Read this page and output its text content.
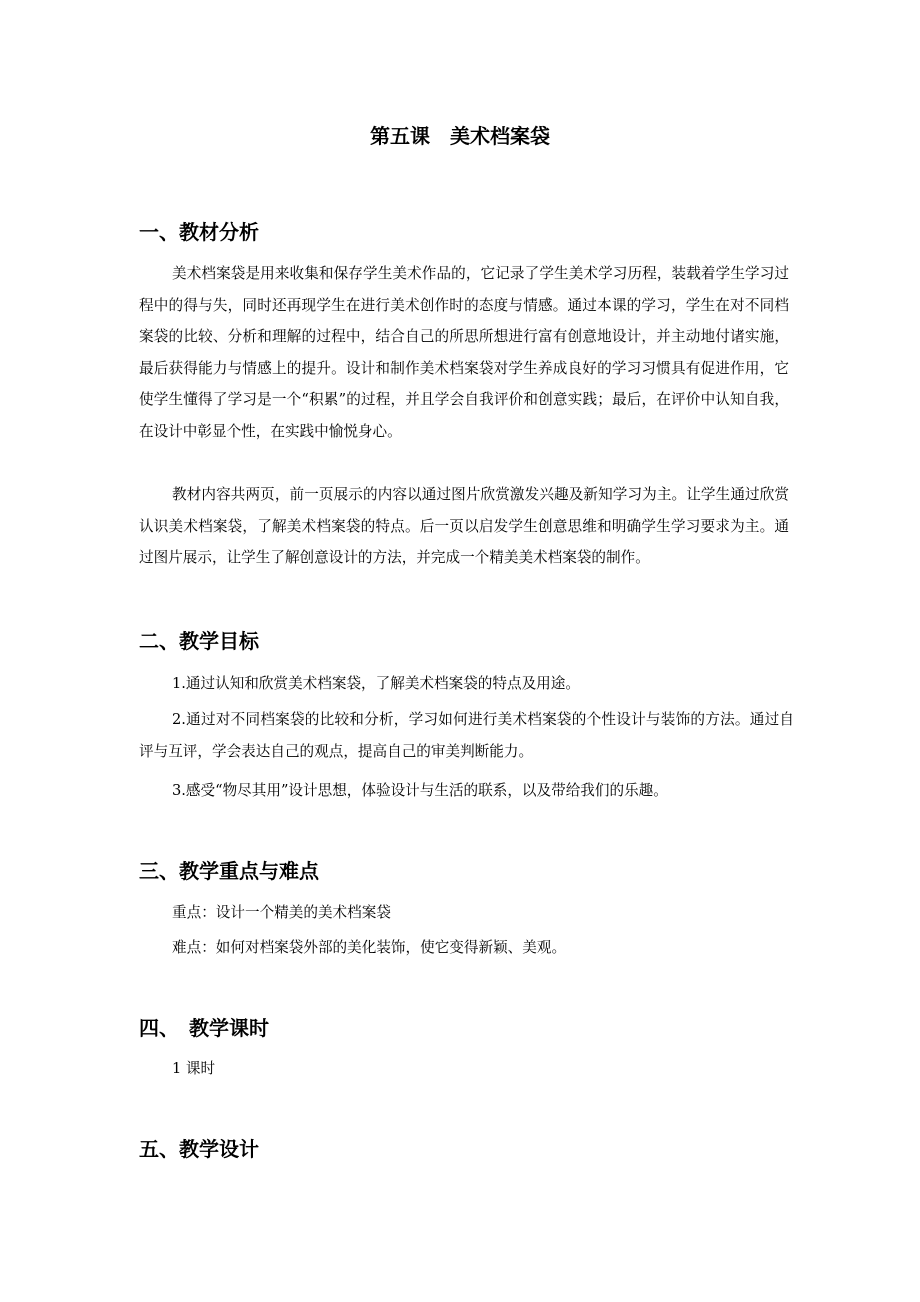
第五课　美术档案袋
一、教材分析

美术档案袋是用来收集和保存学生美术作品的，它记录了学生美术学习历程，装载着学生学习过程中的得与失，同时还再现学生在进行美术创作时的态度与情感。通过本课的学习，学生在对不同档案袋的比较、分析和理解的过程中，结合自己的所思所想进行富有创意地设计，并主动地付诸实施，最后获得能力与情感上的提升。设计和制作美术档案袋对学生养成良好的学习习惯具有促进作用，它使学生懂得了学习是一个“积累”的过程，并且学会自我评价和创意实践；最后，在评价中认知自我，在设计中彰显个性，在实践中愉悦身心。

教材内容共两页，前一页展示的内容以通过图片欣赏激发兴趣及新知学习为主。让学生通过欣赏认识美术档案袋，了解美术档案袋的特点。后一页以启发学生创意思维和明确学生学习要求为主。通过图片展示，让学生了解创意设计的方法，并完成一个精美美术档案袋的制作。

二、教学目标

1.通过认知和欣赏美术档案袋，了解美术档案袋的特点及用途。

2.通过对不同档案袋的比较和分析，学习如何进行美术档案袋的个性设计与装饰的方法。通过自评与互评，学会表达自己的观点，提高自己的审美判断能力。

3.感受“物尽其用”设计思想，体验设计与生活的联系，以及带给我们的乐趣。

三、教学重点与难点

重点：设计一个精美的美术档案袋

难点：如何对档案袋外部的美化装饰，使它变得新颖、美观。

四、　教学课时

1 课时

五、教学设计
